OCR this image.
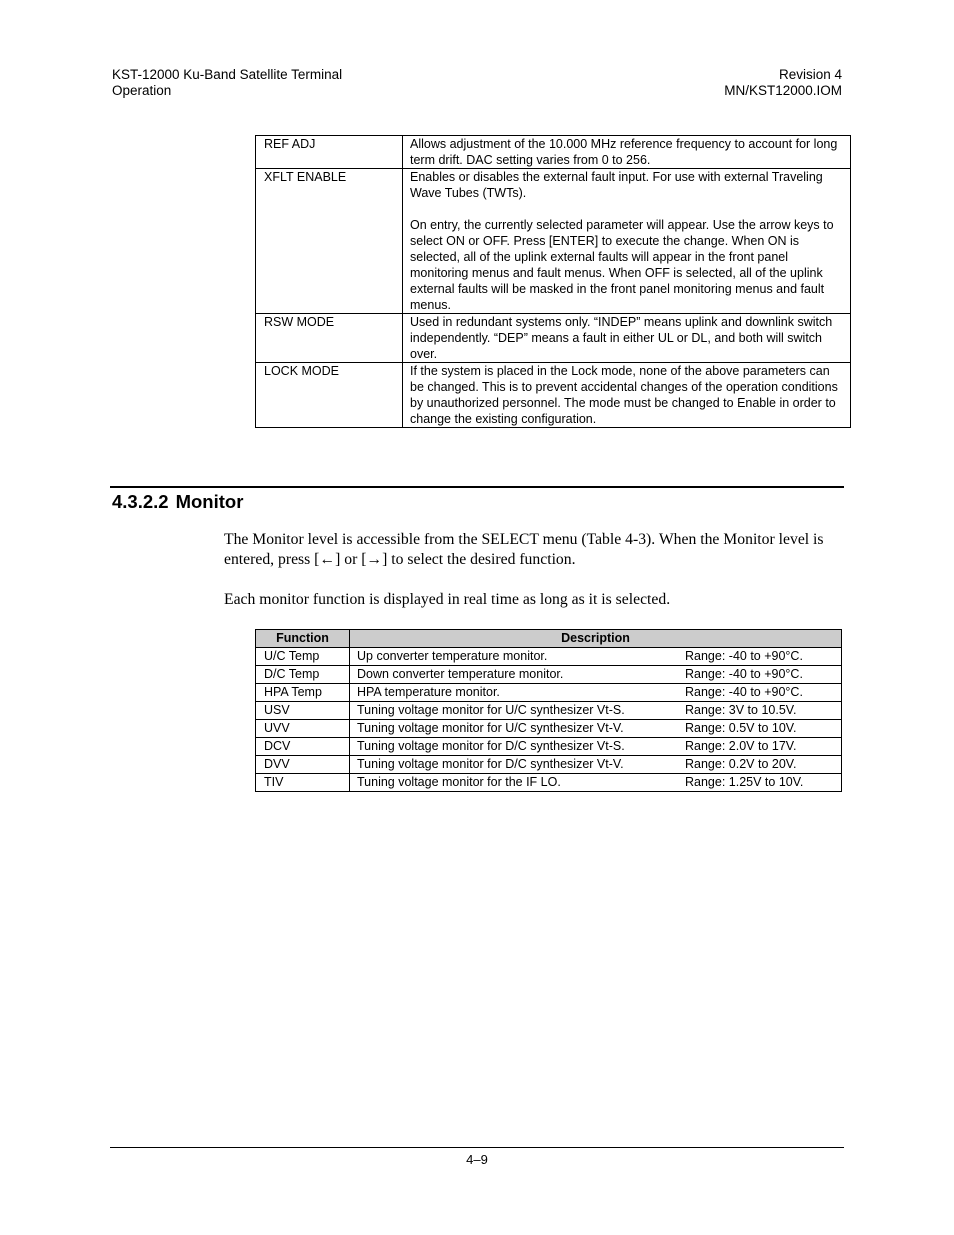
KST-12000 Ku-Band Satellite Terminal
Operation
Revision 4
MN/KST12000.IOM
REF ADJ	Allows adjustment of the 10.000 MHz reference frequency to account for long term drift. DAC setting varies from 0 to 256.

XFLT ENABLE	Enables or disables the external fault input. For use with external Traveling Wave Tubes (TWTs).

On entry, the currently selected parameter will appear. Use the arrow keys to select ON or OFF. Press [ENTER] to execute the change. When ON is selected, all of the uplink external faults will appear in the front panel monitoring menus and fault menus. When OFF is selected, all of the uplink external faults will be masked in the front panel monitoring menus and fault menus.

RSW MODE	Used in redundant systems only. “INDEP” means uplink and downlink switch independently. “DEP” means a fault in either UL or DL, and both will switch over.

LOCK MODE	If the system is placed in the Lock mode, none of the above parameters can be changed. This is to prevent accidental changes of the operation conditions by unauthorized personnel. The mode must be changed to Enable in order to change the existing configuration.

4.3.2.2 Monitor

The Monitor level is accessible from the SELECT menu (Table 4-3). When the Monitor level is entered, press [←] or [→] to select the desired function.

Each monitor function is displayed in real time as long as it is selected.

Function	Description
U/C Temp	Up converter temperature monitor. Range: -40 to +90°C.
D/C Temp	Down converter temperature monitor. Range: -40 to +90°C.
HPA Temp	HPA temperature monitor. Range: -40 to +90°C.
USV	Tuning voltage monitor for U/C synthesizer Vt-S. Range: 3V to 10.5V.
UVV	Tuning voltage monitor for U/C synthesizer Vt-V. Range: 0.5V to 10V.
DCV	Tuning voltage monitor for D/C synthesizer Vt-S. Range: 2.0V to 17V.
DVV	Tuning voltage monitor for D/C synthesizer Vt-V. Range: 0.2V to 20V.
TIV	Tuning voltage monitor for the IF LO. Range: 1.25V to 10V.
4–9
